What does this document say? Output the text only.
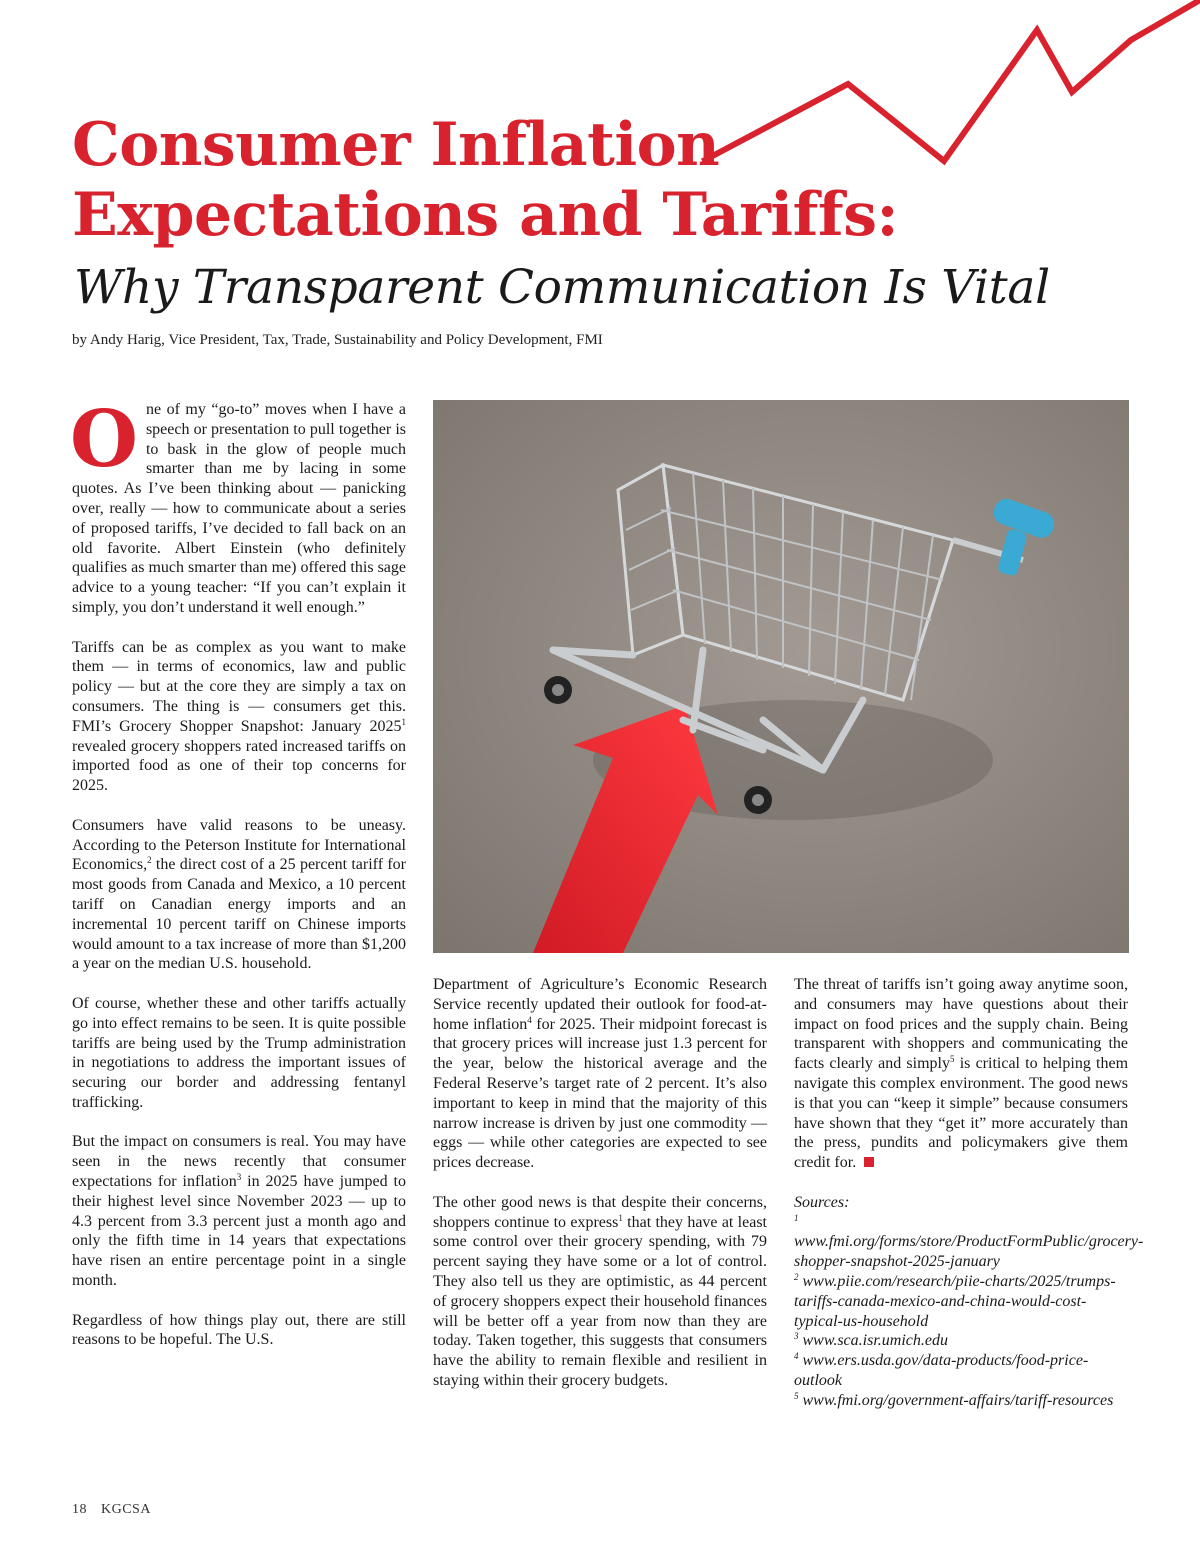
Consumer Inflation
Expectations and Tariffs:
Why Transparent Communication Is Vital
by Andy Harig, Vice President, Tax, Trade, Sustainability and Policy Development, FMI

One of my “go-to” moves when I have a speech or presentation to pull together is to bask in the glow of people much smarter than me by lacing in some quotes. As I’ve been thinking about — panicking over, really — how to communicate about a series of proposed tariffs, I’ve decided to fall back on an old favorite. Albert Einstein (who definitely qualifies as much smarter than me) offered this sage advice to a young teacher: “If you can’t explain it simply, you don’t understand it well enough.”

Tariffs can be as complex as you want to make them — in terms of economics, law and public policy — but at the core they are simply a tax on consumers. The thing is — consumers get this. FMI’s Grocery Shopper Snapshot: January 2025$^1$ revealed grocery shoppers rated increased tariffs on imported food as one of their top concerns for 2025.

Consumers have valid reasons to be uneasy. According to the Peterson Institute for International Economics,$^2$ the direct cost of a 25 percent tariff for most goods from Canada and Mexico, a 10 percent tariff on Canadian energy imports and an incremental 10 percent tariff on Chinese imports would amount to a tax increase of more than $1,200 a year on the median U.S. household.

Of course, whether these and other tariffs actually go into effect remains to be seen. It is quite possible tariffs are being used by the Trump administration in negotiations to address the important issues of securing our border and addressing fentanyl trafficking.

But the impact on consumers is real. You may have seen in the news recently that consumer expectations for inflation$^3$ in 2025 have jumped to their highest level since November 2023 — up to 4.3 percent from 3.3 percent just a month ago and only the fifth time in 14 years that expectations have risen an entire percentage point in a single month.

Regardless of how things play out, there are still reasons to be hopeful. The U.S.

Department of Agriculture’s Economic Research Service recently updated their outlook for food-at-home inflation$^4$ for 2025. Their midpoint forecast is that grocery prices will increase just 1.3 percent for the year, below the historical average and the Federal Reserve’s target rate of 2 percent. It’s also important to keep in mind that the majority of this narrow increase is driven by just one commodity — eggs — while other categories are expected to see prices decrease.

The other good news is that despite their concerns, shoppers continue to express$^1$ that they have at least some control over their grocery spending, with 79 percent saying they have some or a lot of control. They also tell us they are optimistic, as 44 percent of grocery shoppers expect their household finances will be better off a year from now than they are today. Taken together, this suggests that consumers have the ability to remain flexible and resilient in staying within their grocery budgets.

The threat of tariffs isn’t going away anytime soon, and consumers may have questions about their impact on food prices and the supply chain. Being transparent with shoppers and communicating the facts clearly and simply$^5$ is critical to helping them navigate this complex environment. The good news is that you can “keep it simple” because consumers have shown that they “get it” more accurately than the press, pundits and policymakers give them credit for.

Sources:
$^1$ www.fmi.org/forms/store/ProductFormPublic/grocery-shopper-snapshot-2025-january
$^2$ www.piie.com/research/piie-charts/2025/trumps-tariffs-canada-mexico-and-china-would-cost-typical-us-household
$^3$ www.sca.isr.umich.edu
$^4$ www.ers.usda.gov/data-products/food-price-outlook
$^5$ www.fmi.org/government-affairs/tariff-resources
18 KGCSA
